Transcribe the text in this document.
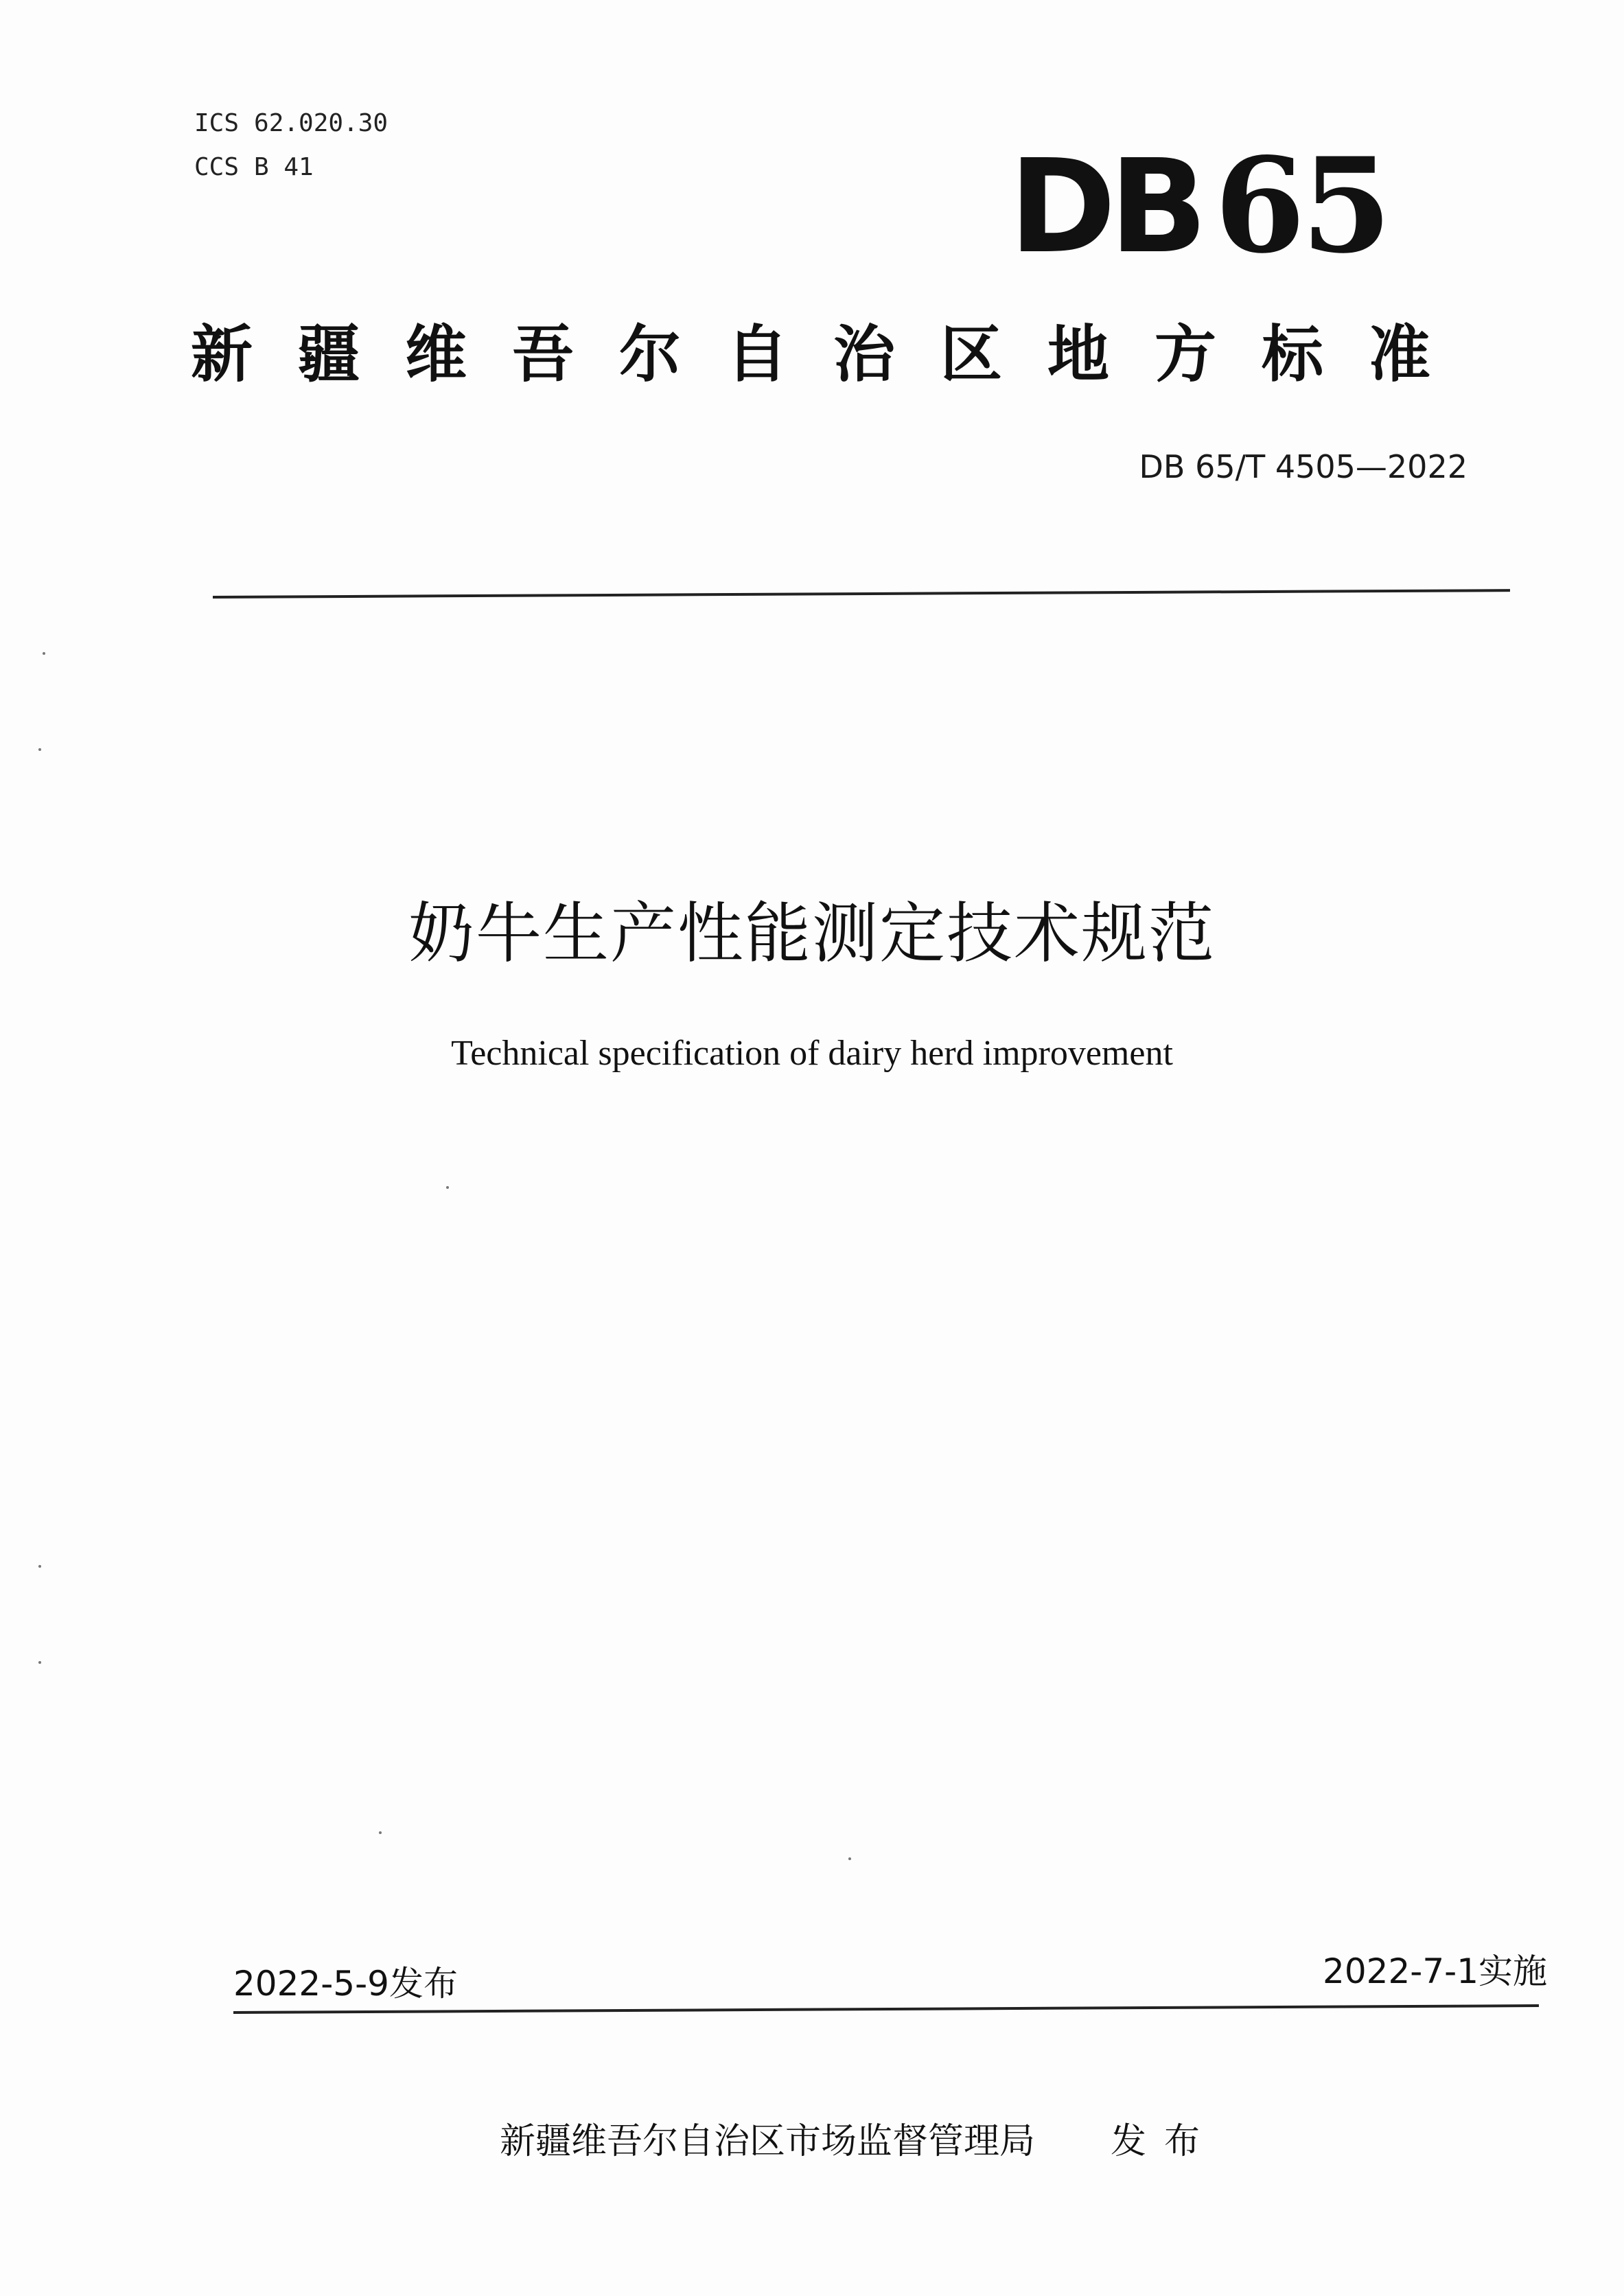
ICS 62.020.30
CCS B 41	DB 65
新疆维吾尔自治区地方标准
DB 65/T 4505—2022
奶牛生产性能测定技术规范
Technical specification of dairy herd improvement
2022-5-9发布	2022-7-1实施
新疆维吾尔自治区市场监督管理局 发布
